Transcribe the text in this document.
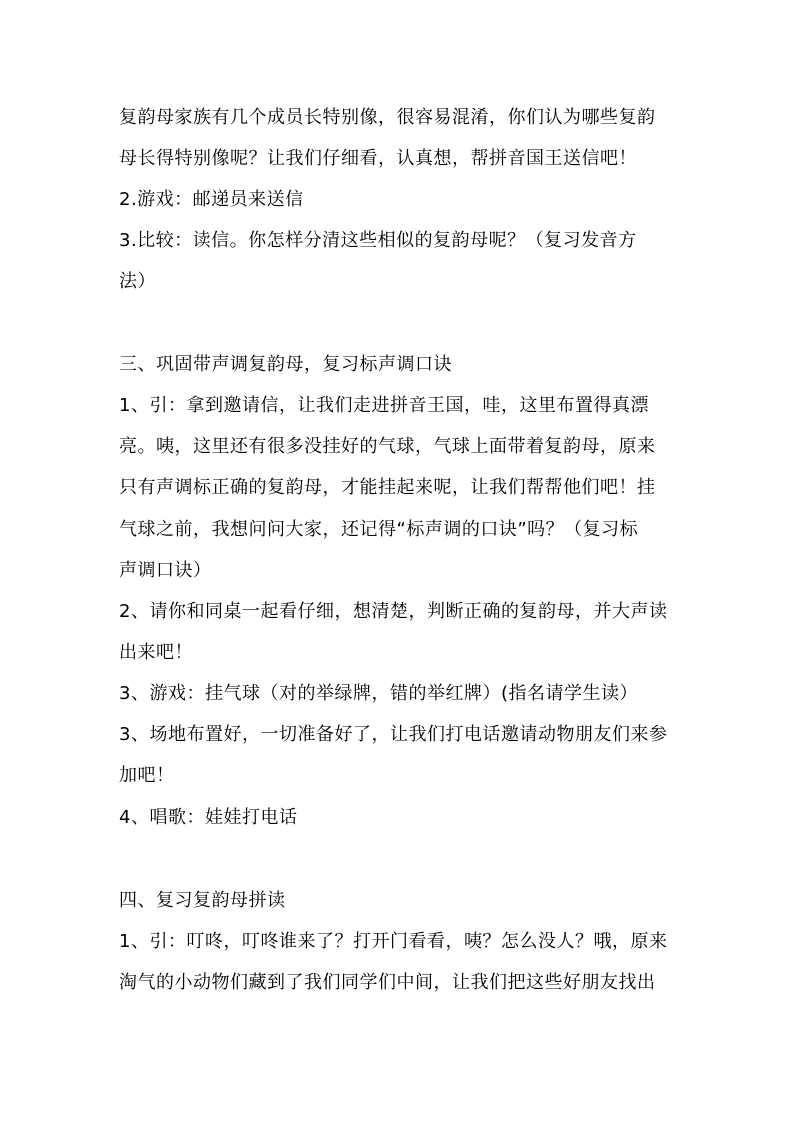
复韵母家族有几个成员长特别像，很容易混淆，你们认为哪些复韵
母长得特别像呢？让我们仔细看，认真想，帮拼音国王送信吧！
2.游戏：邮递员来送信
3.比较：读信。你怎样分清这些相似的复韵母呢？（复习发音方
法）
三、巩固带声调复韵母，复习标声调口诀
1、引：拿到邀请信，让我们走进拼音王国，哇，这里布置得真漂
亮。咦，这里还有很多没挂好的气球，气球上面带着复韵母，原来
只有声调标正确的复韵母，才能挂起来呢，让我们帮帮他们吧！挂
气球之前，我想问问大家，还记得“标声调的口诀”吗？（复习标
声调口诀）
2、请你和同桌一起看仔细，想清楚，判断正确的复韵母，并大声读
出来吧！
3、游戏：挂气球（对的举绿牌，错的举红牌）(指名请学生读）
3、场地布置好，一切准备好了，让我们打电话邀请动物朋友们来参
加吧！
4、唱歌：娃娃打电话
四、复习复韵母拼读
1、引：叮咚，叮咚谁来了？打开门看看，咦？怎么没人？哦，原来
淘气的小动物们藏到了我们同学们中间，让我们把这些好朋友找出
